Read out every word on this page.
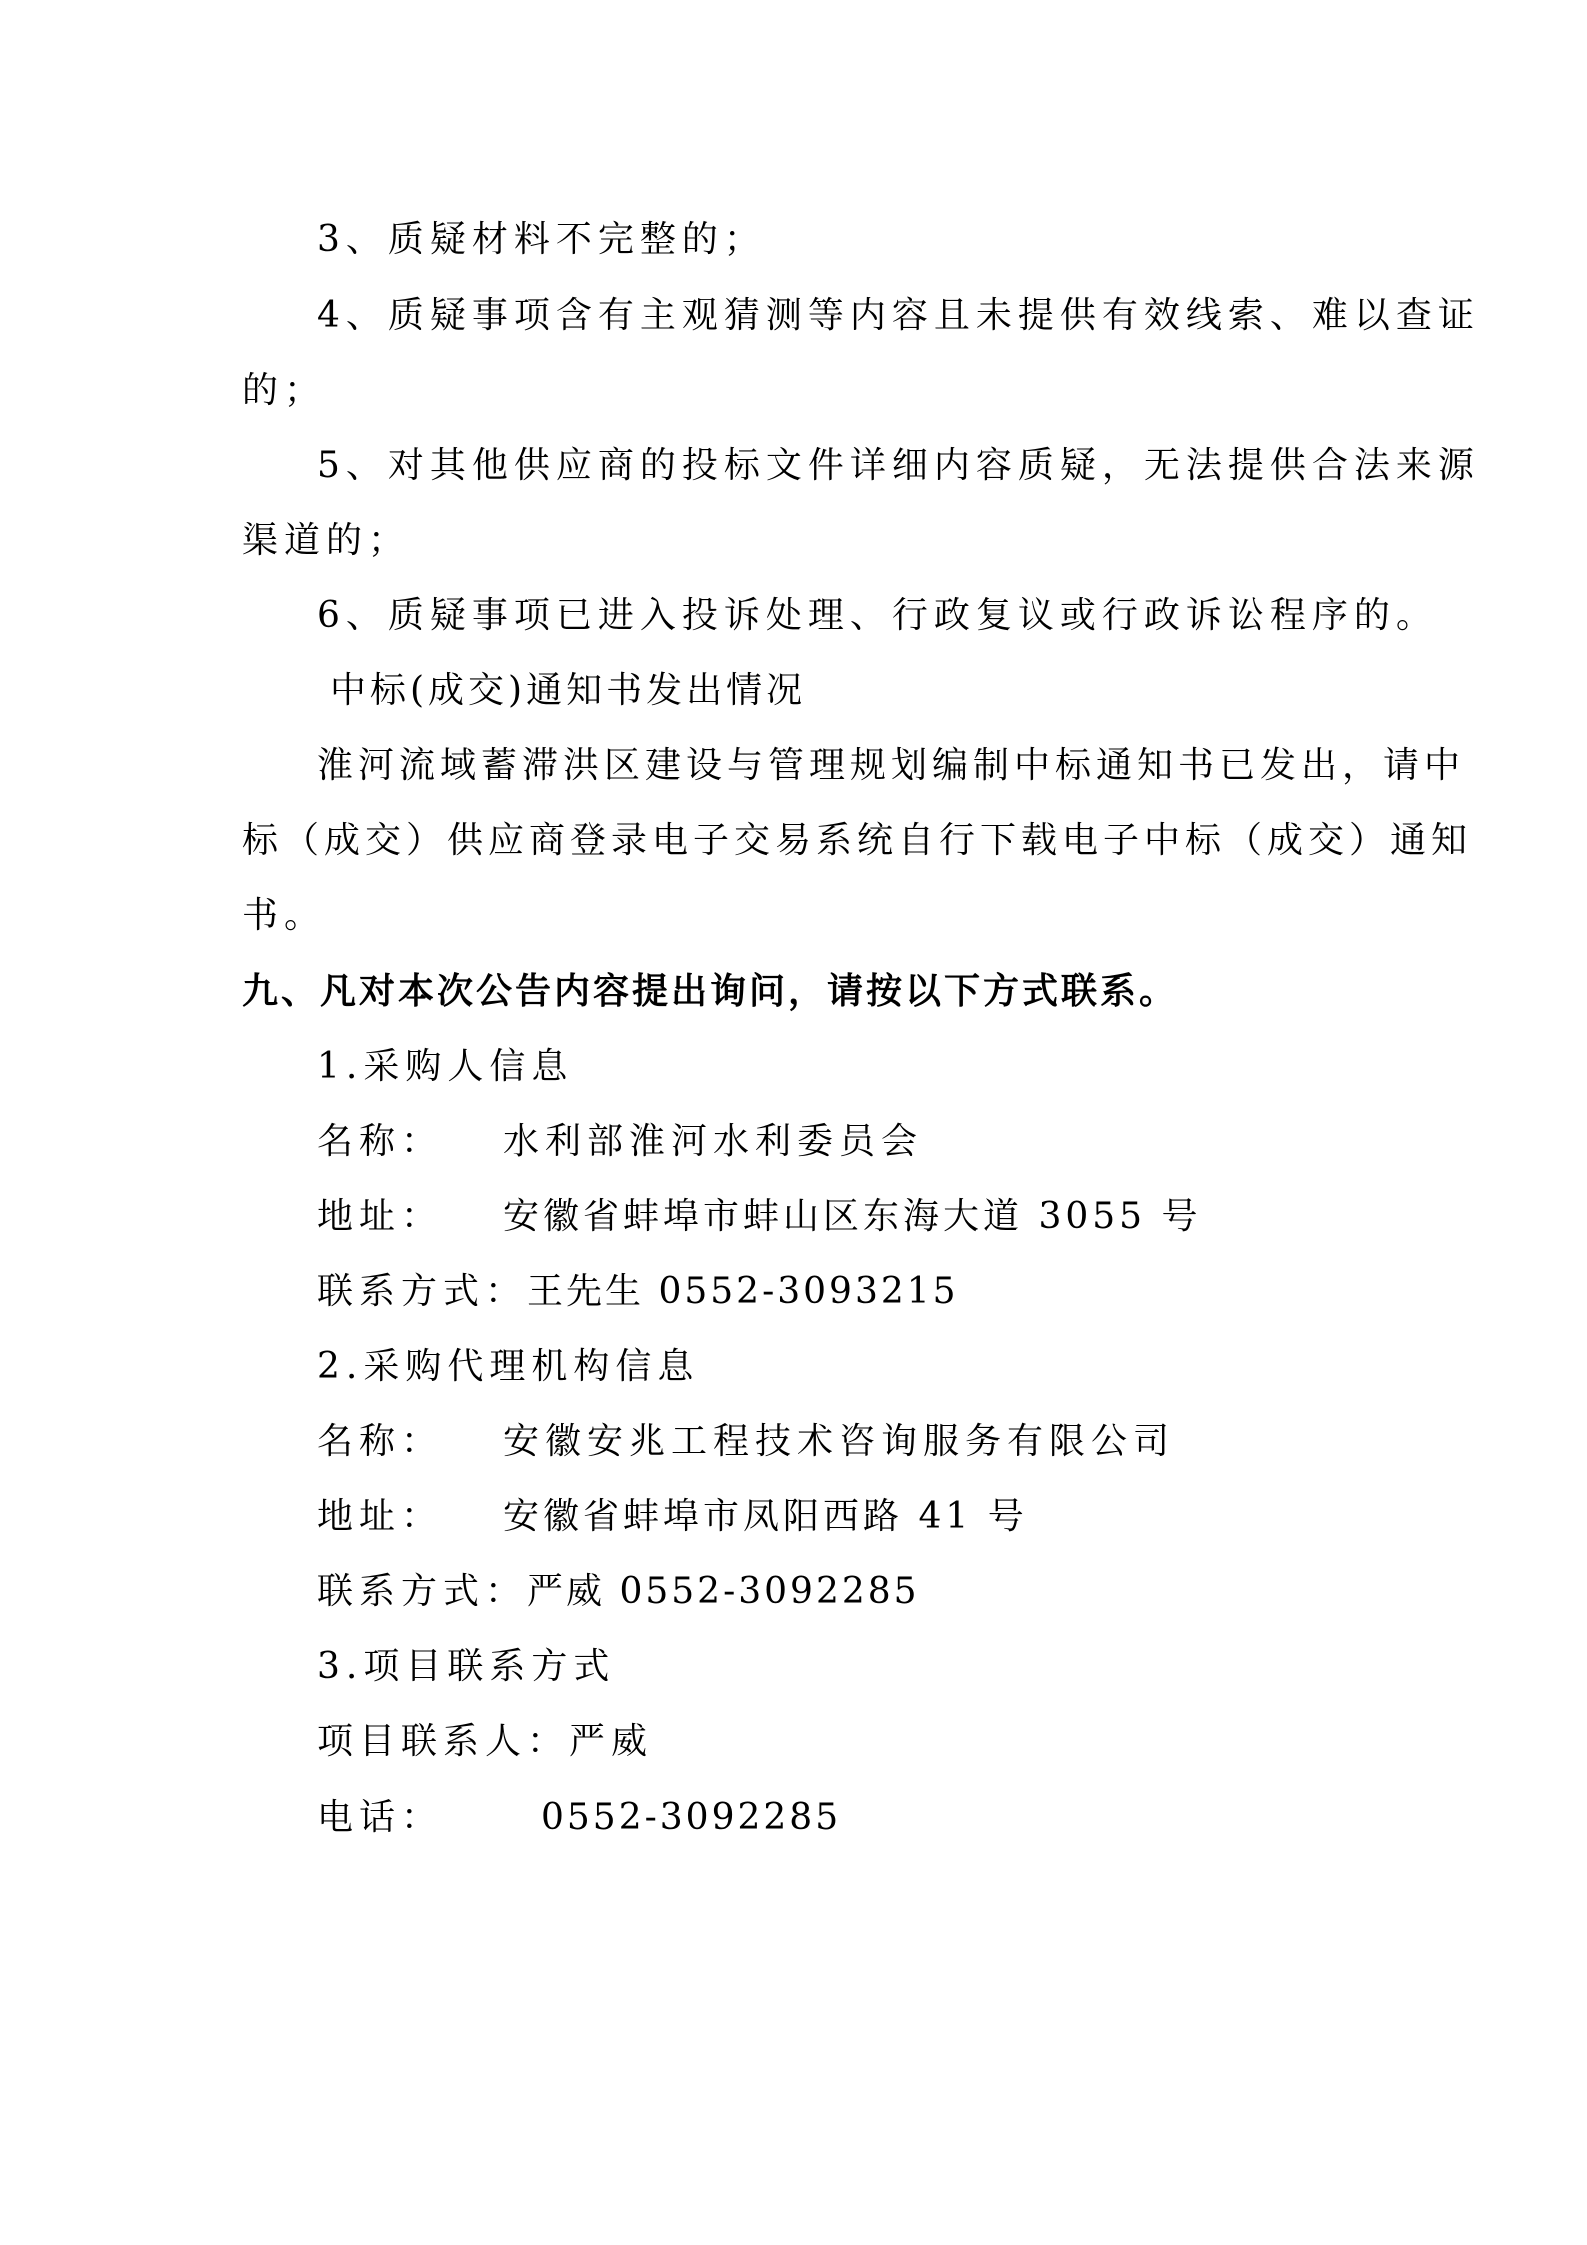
3、质疑材料不完整的；
4、质疑事项含有主观猜测等内容且未提供有效线索、难以查证
的；
5、对其他供应商的投标文件详细内容质疑，无法提供合法来源
渠道的；
6、质疑事项已进入投诉处理、行政复议或行政诉讼程序的。
中标(成交)通知书发出情况
淮河流域蓄滞洪区建设与管理规划编制中标通知书已发出，请中
标（成交）供应商登录电子交易系统自行下载电子中标（成交）通知
书。
九、凡对本次公告内容提出询问，请按以下方式联系。
1.采购人信息
名称：	水利部淮河水利委员会
地址：	安徽省蚌埠市蚌山区东海大道 3055 号
联系方式： 王先生 0552-3093215
2.采购代理机构信息
名称：	安徽安兆工程技术咨询服务有限公司
地址：	安徽省蚌埠市凤阳西路 41 号
联系方式： 严威 0552-3092285
3.项目联系方式
项目联系人： 严威
电话：	0552-3092285
